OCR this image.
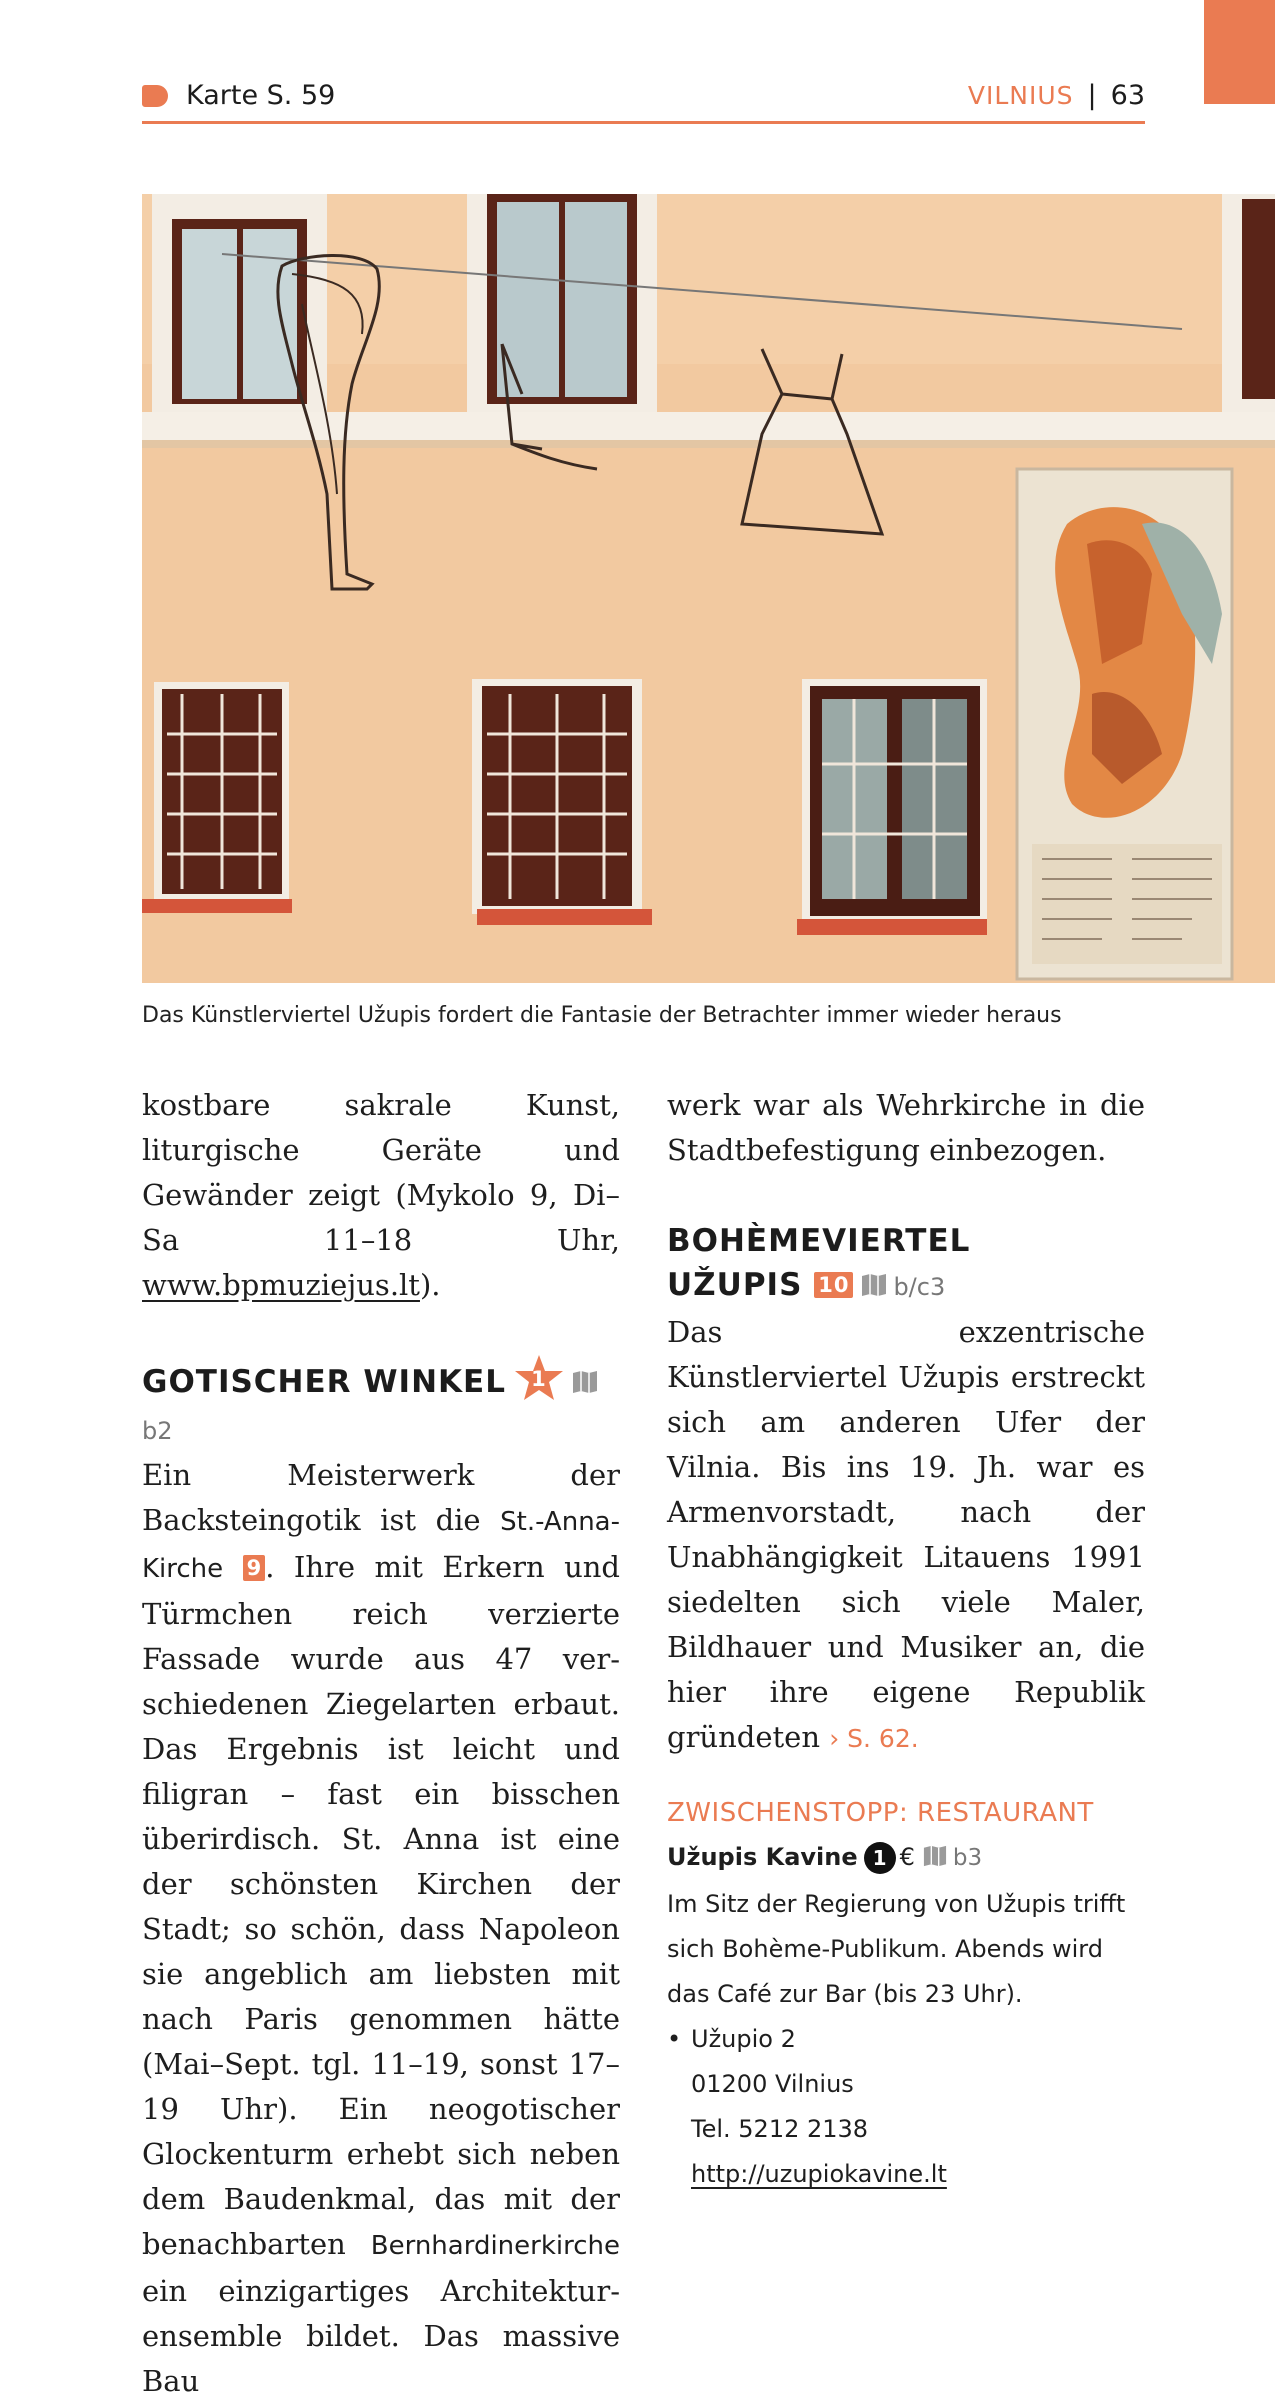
Karte S. 59	VILNIUS | 63
Das Künstlerviertel Užupis fordert die Fantasie der Betrachter immer wieder heraus
kostbare sakrale Kunst, liturgische Geräte und Gewänder zeigt (Mykolo 9, Di–Sa 11–18 Uhr, www.bpmuziejus.lt).
GOTISCHER WINKEL	1
b2
Ein Meisterwerk der Backsteingotik ist die St.-Anna-Kirche 9 . Ihre mit Erkern und Türmchen reich verzierte Fassade wurde aus 47 verschiedenen Ziegelarten erbaut. Das Ergebnis ist leicht und filigran – fast ein bisschen überirdisch. St. Anna ist eine der schönsten Kirchen der Stadt; so schön, dass Napoleon sie angeblich am liebsten mit nach Paris genommen hätte (Mai–Sept. tgl. 11–19, sonst 17–19 Uhr). Ein neogotischer Glockenturm erhebt sich neben dem Baudenkmal, das mit der benachbarten Bernhardinerkirche ein einzigartiges Architekturensemble bildet. Das massive Bau
werk war als Wehrkirche in die Stadtbefestigung einbezogen.
BOHÈMEVIERTEL
UŽUPIS 10 b/c3
Das exzentrische Künstlerviertel Užupis erstreckt sich am anderen Ufer der Vilnia. Bis ins 19. Jh. war es Armenvorstadt, nach der Unabhängigkeit Litauens 1991 siedelten sich viele Maler, Bildhauer und Musiker an, die hier ihre eigene Republik gründeten › S. 62.
ZWISCHENSTOPP: RESTAURANT
Užupis Kavine 1 € b3
Im Sitz der Regierung von Užupis trifft sich Bohème-Publikum. Abends wird das Café zur Bar (bis 23 Uhr).
• Užupio 2
01200 Vilnius
Tel. 5212 2138
http://uzupiokavine.lt
